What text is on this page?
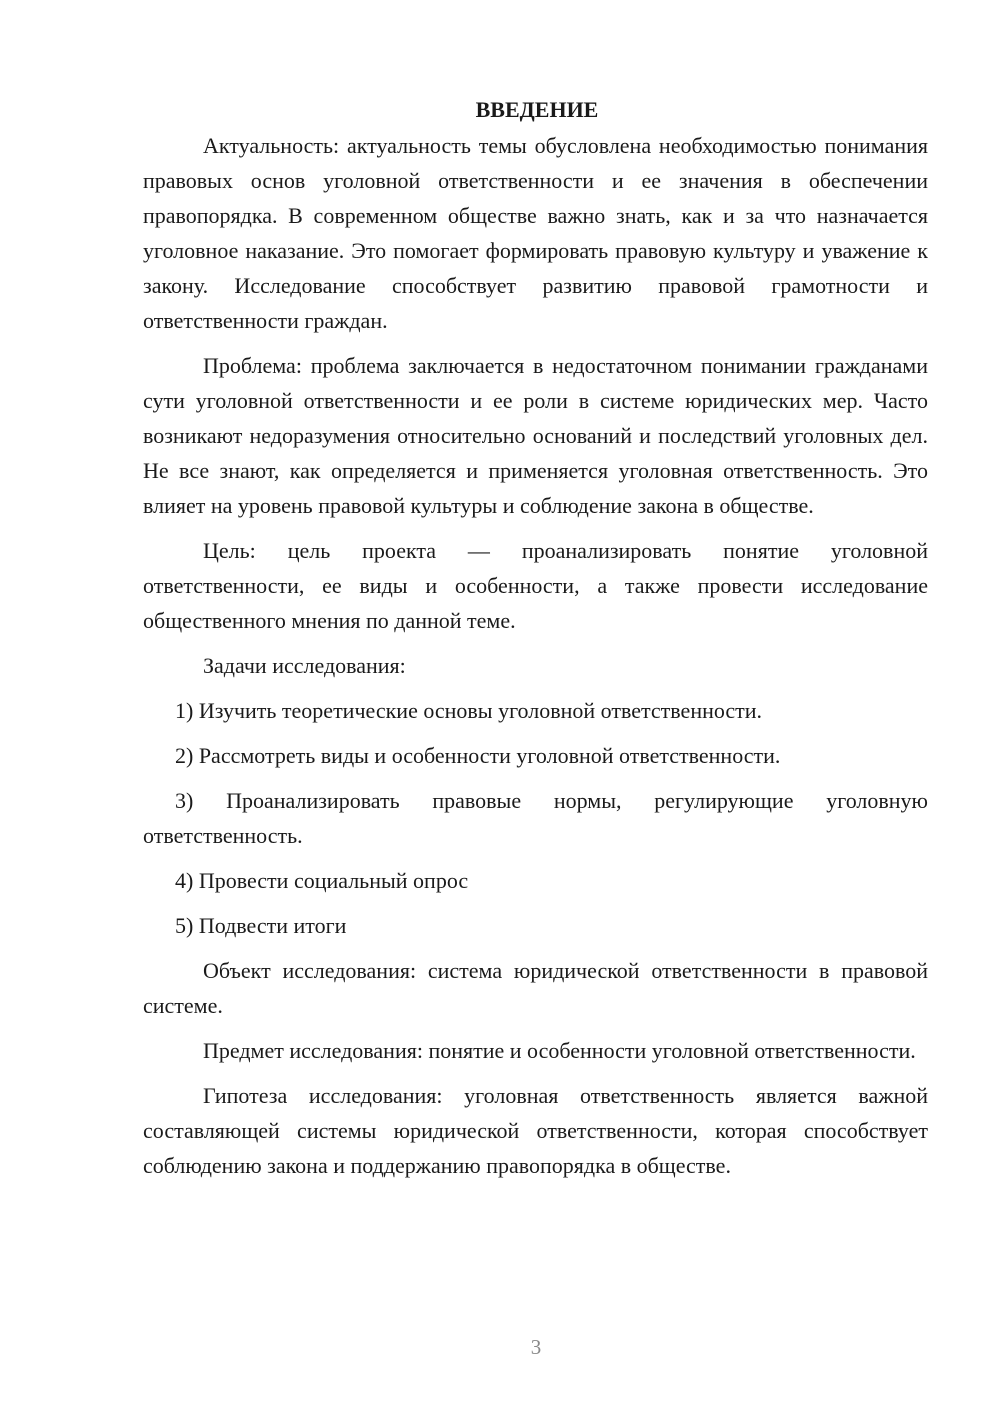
ВВЕДЕНИЕ

Актуальность: актуальность темы обусловлена необходимостью понимания правовых основ уголовной ответственности и ее значения в обеспечении правопорядка. В современном обществе важно знать, как и за что назначается уголовное наказание. Это помогает формировать правовую культуру и уважение к закону. Исследование способствует развитию правовой грамотности и ответственности граждан.

Проблема: проблема заключается в недостаточном понимании гражданами сути уголовной ответственности и ее роли в системе юридических мер. Часто возникают недоразумения относительно оснований и последствий уголовных дел. Не все знают, как определяется и применяется уголовная ответственность. Это влияет на уровень правовой культуры и соблюдение закона в обществе.

Цель: цель проекта — проанализировать понятие уголовной ответственности, ее виды и особенности, а также провести исследование общественного мнения по данной теме.

Задачи исследования:

1) Изучить теоретические основы уголовной ответственности.

2) Рассмотреть виды и особенности уголовной ответственности.

3) Проанализировать правовые нормы, регулирующие уголовную ответственность.

4) Провести социальный опрос

5) Подвести итоги

Объект исследования: система юридической ответственности в правовой системе.

Предмет исследования: понятие и особенности уголовной ответственности.

Гипотеза исследования: уголовная ответственность является важной составляющей системы юридической ответственности, которая способствует соблюдению закона и поддержанию правопорядка в обществе.

3
